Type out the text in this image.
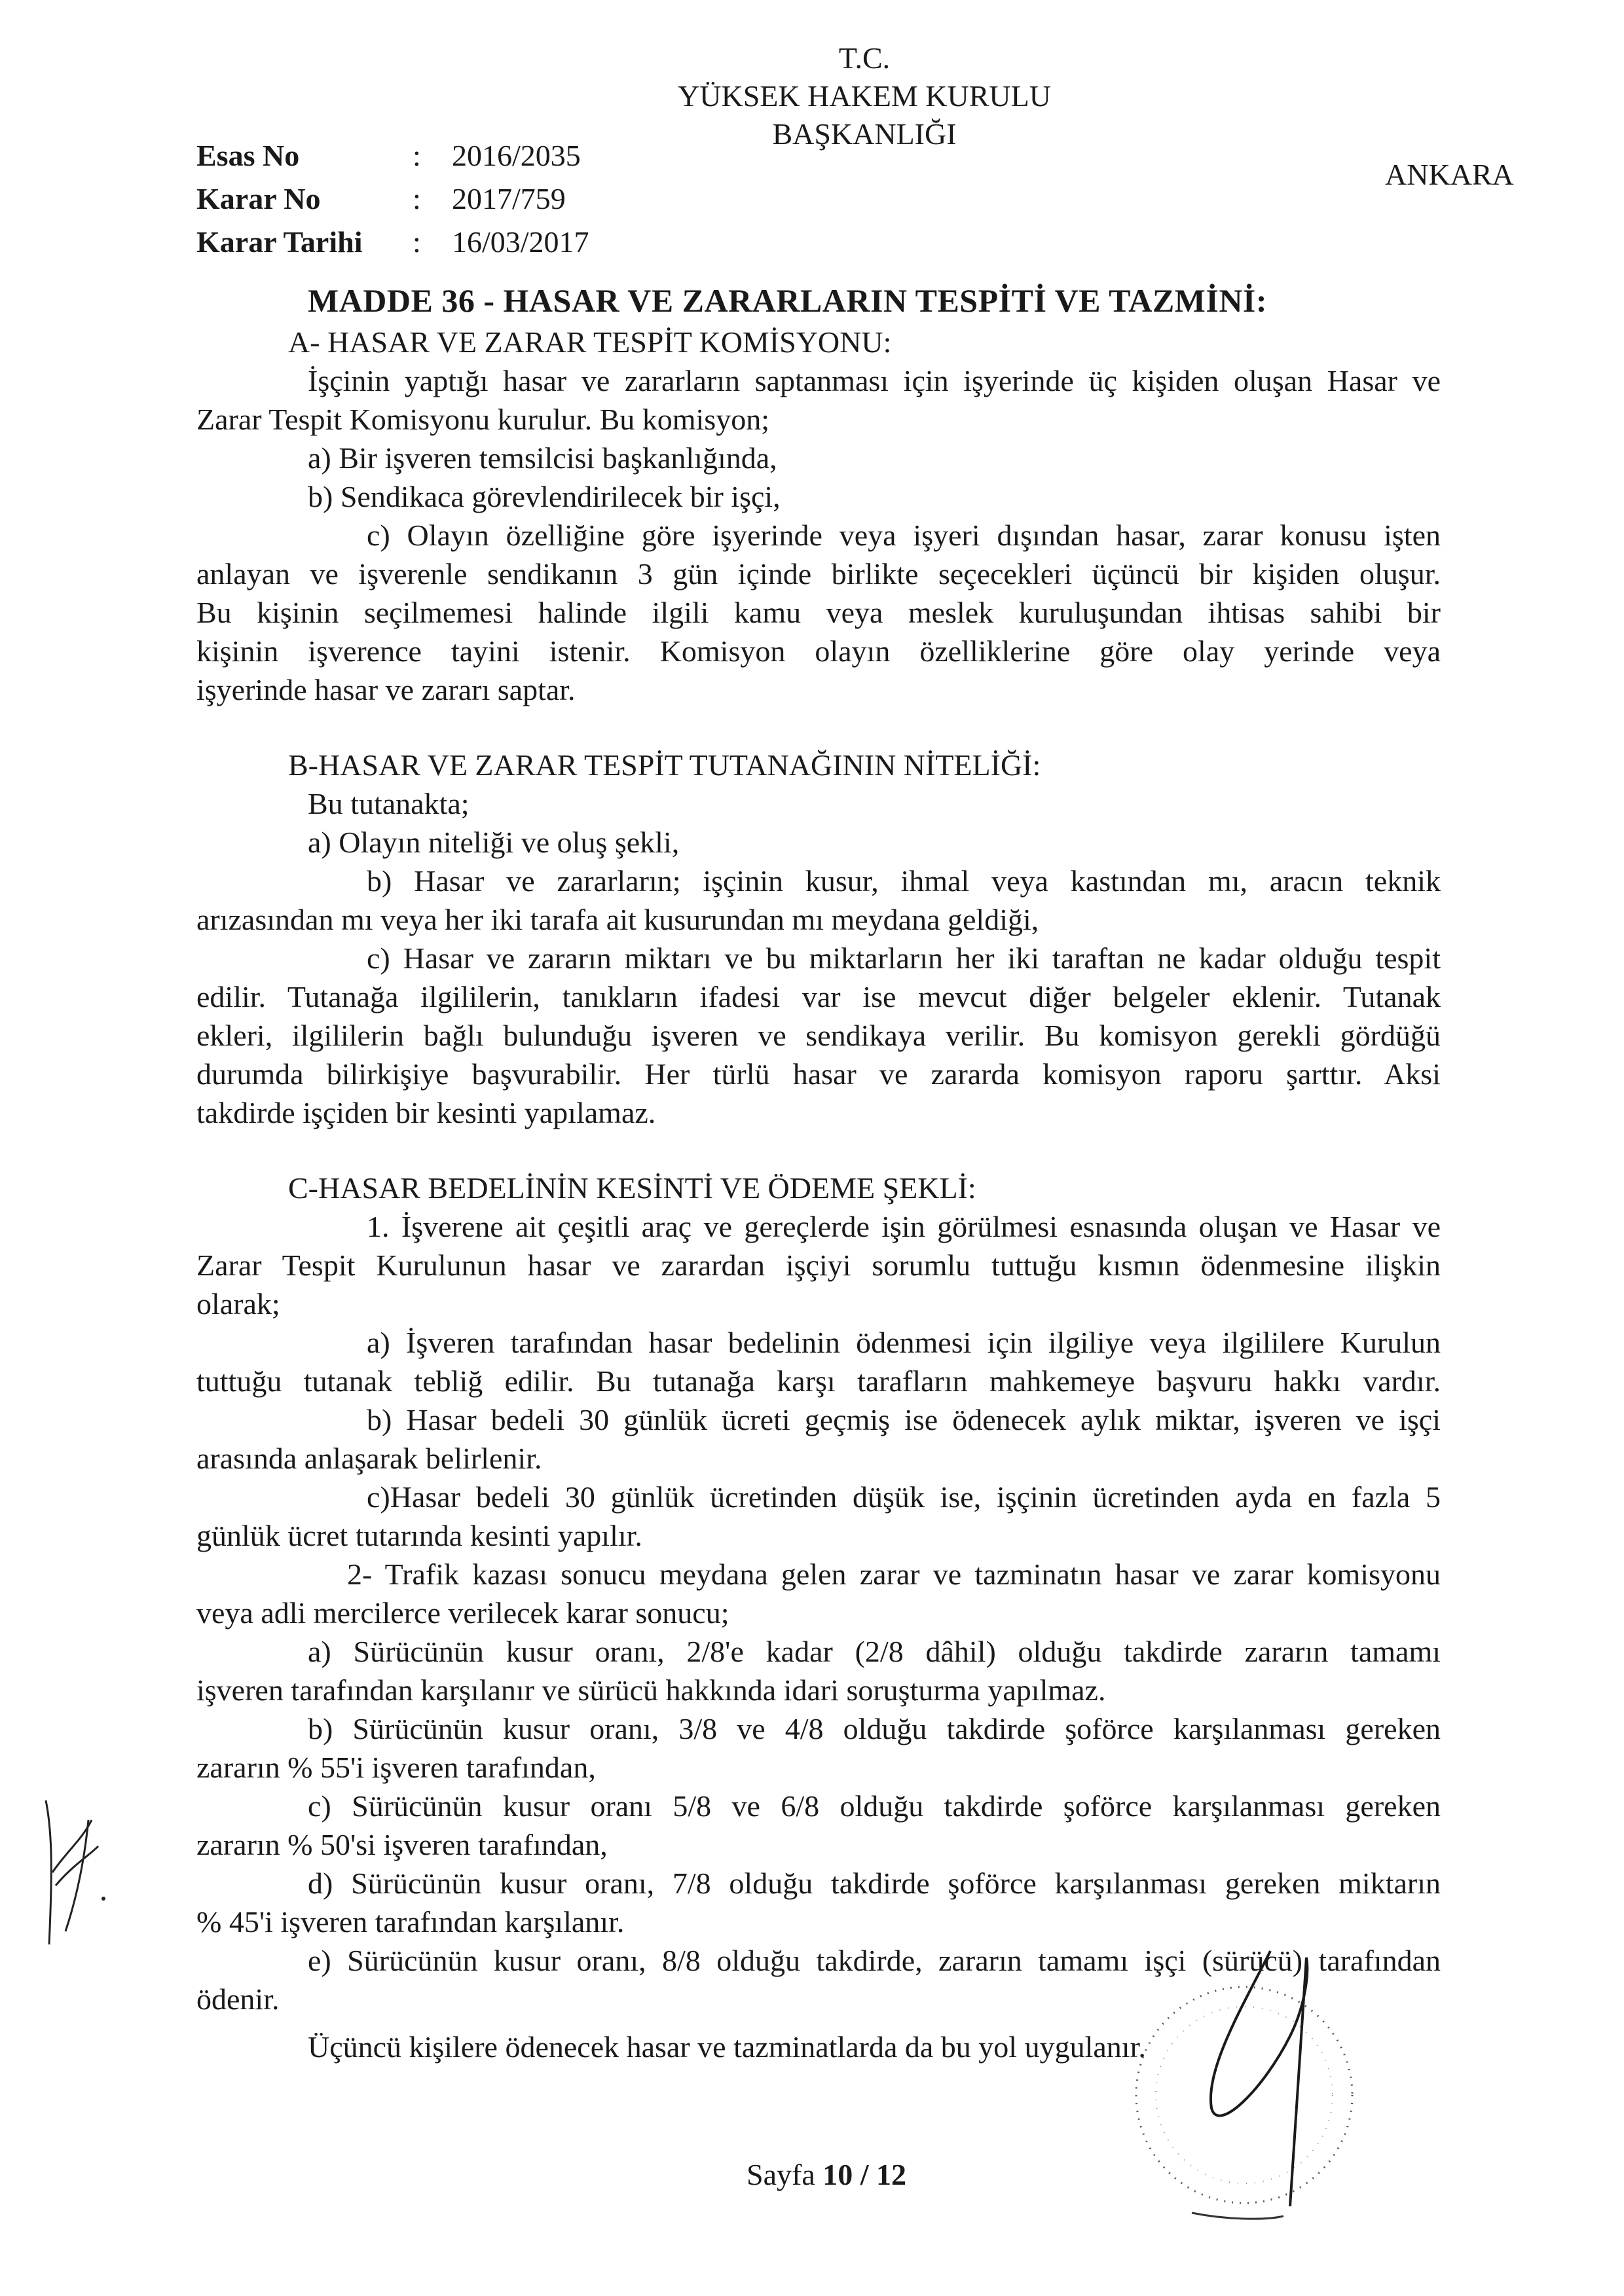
T.C.
YÜKSEK HAKEM KURULU
BAŞKANLIĞI
Esas No	:	2016/2035
Karar No	:	2017/759
Karar Tarihi	:	16/03/2017
ANKARA
MADDE 36 - HASAR VE ZARARLARIN TESPİTİ VE TAZMİNİ:
A- HASAR VE ZARAR TESPİT KOMİSYONU:
İşçinin yaptığı hasar ve zararların saptanması için işyerinde üç kişiden oluşan Hasar ve
Zarar Tespit Komisyonu kurulur. Bu komisyon;
a) Bir işveren temsilcisi başkanlığında,
b) Sendikaca görevlendirilecek bir işçi,
c) Olayın özelliğine göre işyerinde veya işyeri dışından hasar, zarar konusu işten
anlayan ve işverenle sendikanın 3 gün içinde birlikte seçecekleri üçüncü bir kişiden oluşur.
Bu kişinin seçilmemesi halinde ilgili kamu veya meslek kuruluşundan ihtisas sahibi bir
kişinin işverence tayini istenir. Komisyon olayın özelliklerine göre olay yerinde veya
işyerinde hasar ve zararı saptar.
B-HASAR VE ZARAR TESPİT TUTANAĞININ NİTELİĞİ:
Bu tutanakta;
a) Olayın niteliği ve oluş şekli,
b) Hasar ve zararların; işçinin kusur, ihmal veya kastından mı, aracın teknik
arızasından mı veya her iki tarafa ait kusurundan mı meydana geldiği,
c) Hasar ve zararın miktarı ve bu miktarların her iki taraftan ne kadar olduğu tespit
edilir. Tutanağa ilgililerin, tanıkların ifadesi var ise mevcut diğer belgeler eklenir. Tutanak
ekleri, ilgililerin bağlı bulunduğu işveren ve sendikaya verilir. Bu komisyon gerekli gördüğü
durumda bilirkişiye başvurabilir. Her türlü hasar ve zararda komisyon raporu şarttır. Aksi
takdirde işçiden bir kesinti yapılamaz.
C-HASAR BEDELİNİN KESİNTİ VE ÖDEME ŞEKLİ:
1. İşverene ait çeşitli araç ve gereçlerde işin görülmesi esnasında oluşan ve Hasar ve
Zarar Tespit Kurulunun hasar ve zarardan işçiyi sorumlu tuttuğu kısmın ödenmesine ilişkin
olarak;
a) İşveren tarafından hasar bedelinin ödenmesi için ilgiliye veya ilgililere Kurulun
tuttuğu tutanak tebliğ edilir. Bu tutanağa karşı tarafların mahkemeye başvuru hakkı vardır.
b) Hasar bedeli 30 günlük ücreti geçmiş ise ödenecek aylık miktar, işveren ve işçi
arasında anlaşarak belirlenir.
c)Hasar bedeli 30 günlük ücretinden düşük ise, işçinin ücretinden ayda en fazla 5
günlük ücret tutarında kesinti yapılır.
2- Trafik kazası sonucu meydana gelen zarar ve tazminatın hasar ve zarar komisyonu
veya adli mercilerce verilecek karar sonucu;
a) Sürücünün kusur oranı, 2/8'e kadar (2/8 dâhil) olduğu takdirde zararın tamamı
işveren tarafından karşılanır ve sürücü hakkında idari soruşturma yapılmaz.
b) Sürücünün kusur oranı, 3/8 ve 4/8 olduğu takdirde şoförce karşılanması gereken
zararın % 55'i işveren tarafından,
c) Sürücünün kusur oranı 5/8 ve 6/8 olduğu takdirde şoförce karşılanması gereken
zararın % 50'si işveren tarafından,
d) Sürücünün kusur oranı, 7/8 olduğu takdirde şoförce karşılanması gereken miktarın
% 45'i işveren tarafından karşılanır.
e) Sürücünün kusur oranı, 8/8 olduğu takdirde, zararın tamamı işçi (sürücü) tarafından
ödenir.
Üçüncü kişilere ödenecek hasar ve tazminatlarda da bu yol uygulanır.
Sayfa 10 / 12
